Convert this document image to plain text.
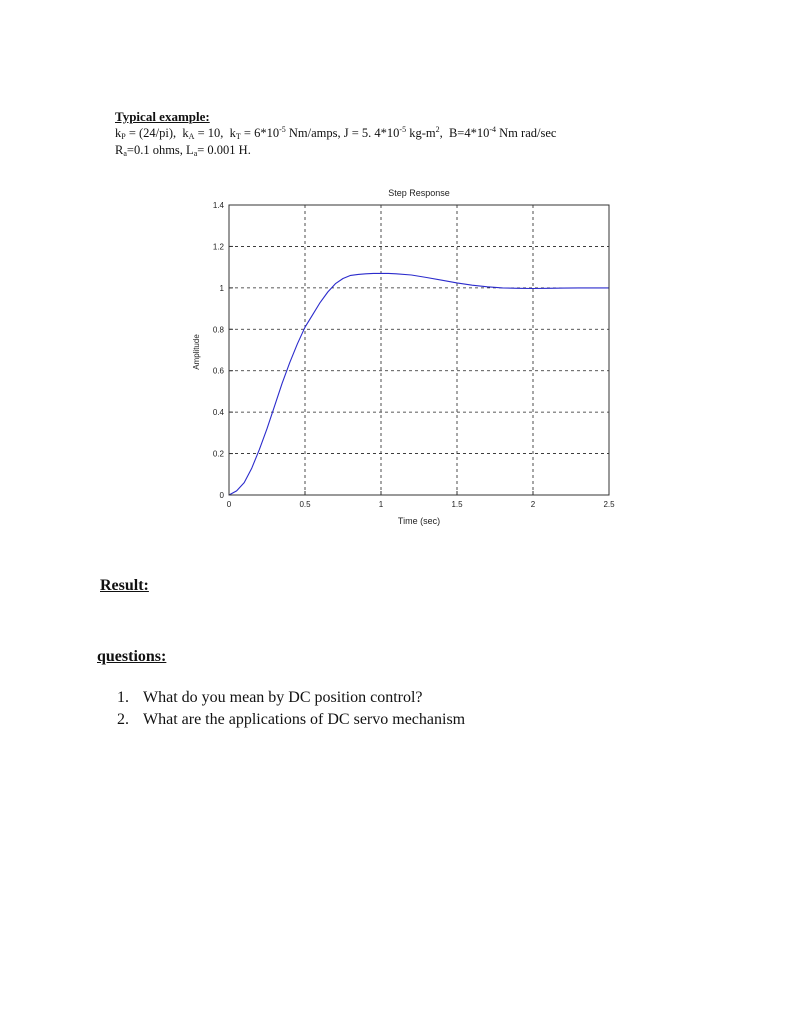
Typical example:
$k_P = (24/pi)$, $k_A = 10$, $k_T = 6*10^{-5}$ Nm/amps, J = 5. $4*10^{-5}$ $kg-m^2$, $B=4*10^{-4}$ Nm rad/sec
$R_a=0.1$ ohms, $L_a= 0.001$ H.
0	0.5	1	1.5	2	2.5
0
0.2
0.4
0.6
0.8
1
1.2
1.4
Step Response
Time (sec)
Amplitude
Result:
questions:
1. What do you mean by DC position control?
2. What are the applications of DC servo mechanism
